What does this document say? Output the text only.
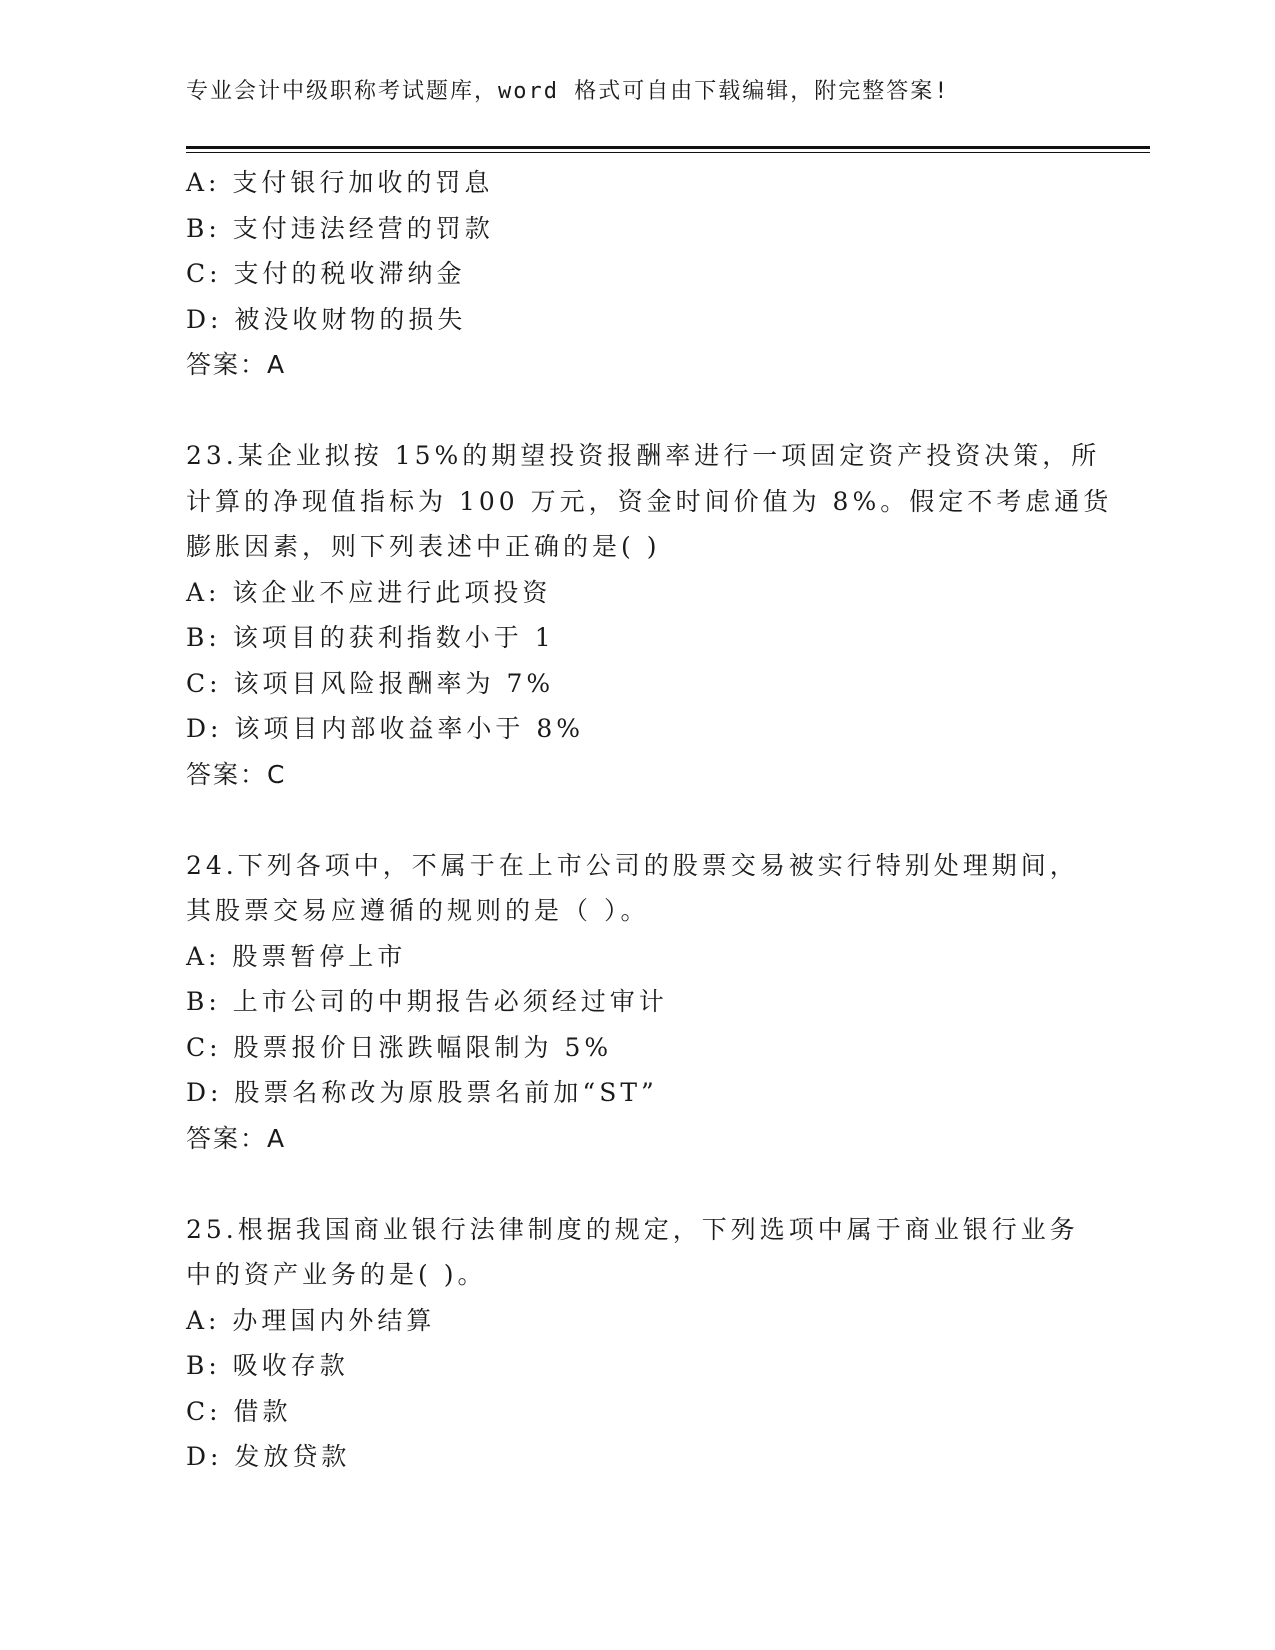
专业会计中级职称考试题库，word 格式可自由下载编辑，附完整答案!
A: 支付银行加收的罚息
B: 支付违法经营的罚款
C: 支付的税收滞纳金
D: 被没收财物的损失
答案：A
23.某企业拟按 15%的期望投资报酬率进行一项固定资产投资决策，所
计算的净现值指标为 100 万元，资金时间价值为 8%。假定不考虑通货
膨胀因素，则下列表述中正确的是( )
A: 该企业不应进行此项投资
B: 该项目的获利指数小于 1
C: 该项目风险报酬率为 7%
D: 该项目内部收益率小于 8%
答案：C
24.下列各项中，不属于在上市公司的股票交易被实行特别处理期间，
其股票交易应遵循的规则的是（ ）。
A: 股票暂停上市
B: 上市公司的中期报告必须经过审计
C: 股票报价日涨跌幅限制为 5%
D: 股票名称改为原股票名前加“ST”
答案：A
25.根据我国商业银行法律制度的规定，下列选项中属于商业银行业务
中的资产业务的是( )。
A: 办理国内外结算
B: 吸收存款
C: 借款
D: 发放贷款
